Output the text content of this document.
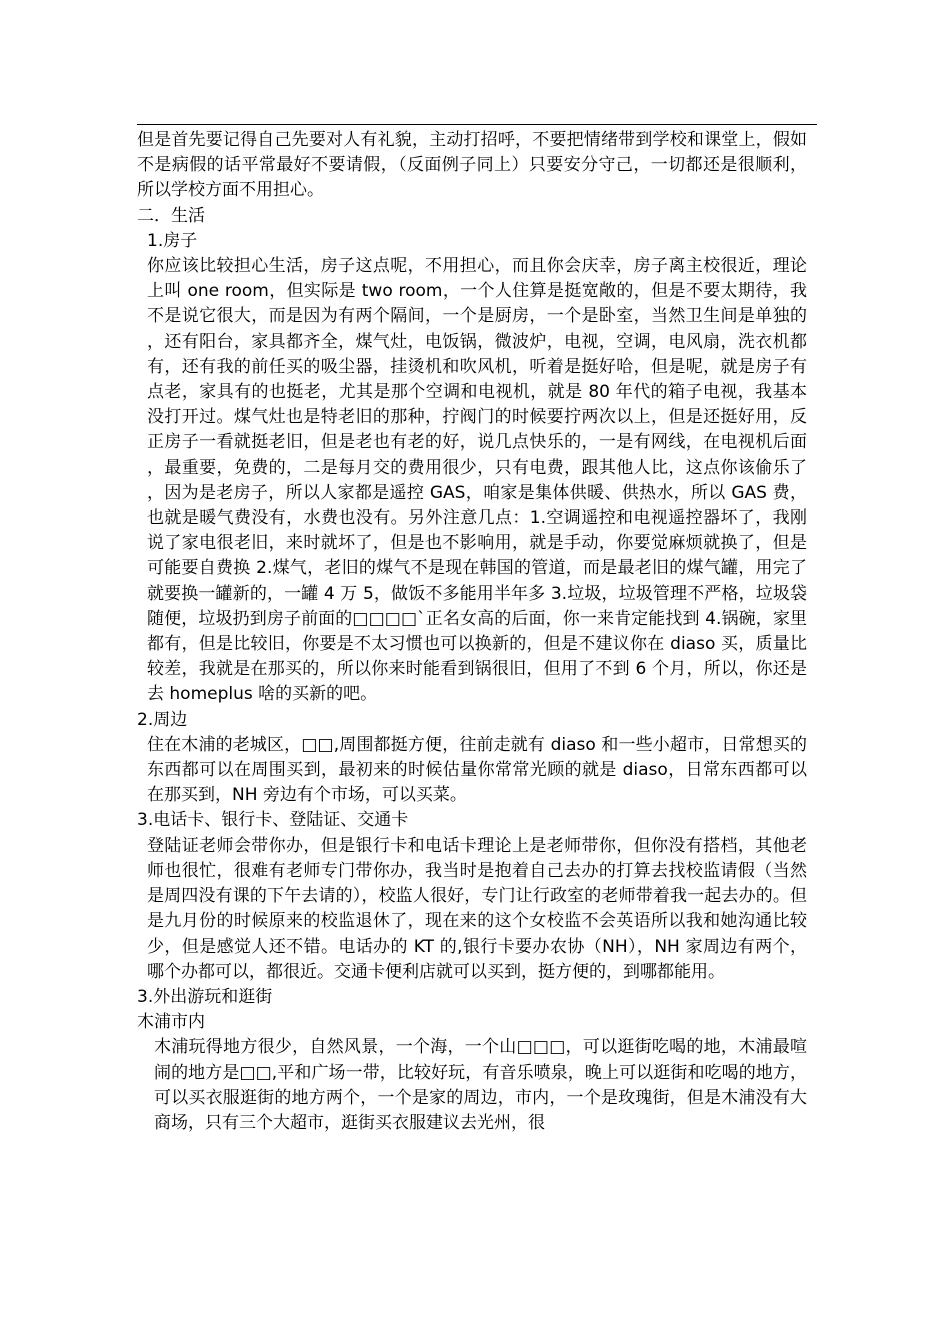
但是首先要记得自己先要对人有礼貌，主动打招呼，不要把情绪带到学校和课堂上，假如不是病假的话平常最好不要请假，（反面例子同上）只要安分守己，一切都还是很顺利，所以学校方面不用担心。

二．生活

1.房子

你应该比较担心生活，房子这点呢，不用担心，而且你会庆幸，房子离主校很近，理论上叫 one room，但实际是 two room，一个人住算是挺宽敞的，但是不要太期待，我不是说它很大，而是因为有两个隔间，一个是厨房，一个是卧室，当然卫生间是单独的，还有阳台，家具都齐全，煤气灶，电饭锅，微波炉，电视，空调，电风扇，洗衣机都有，还有我的前任买的吸尘器，挂烫机和吹风机，听着是挺好哈，但是呢，就是房子有点老，家具有的也挺老，尤其是那个空调和电视机，就是 80 年代的箱子电视，我基本没打开过。煤气灶也是特老旧的那种，拧阀门的时候要拧两次以上，但是还挺好用，反正房子一看就挺老旧，但是老也有老的好，说几点快乐的，一是有网线，在电视机后面，最重要，免费的，二是每月交的费用很少，只有电费，跟其他人比，这点你该偷乐了，因为是老房子，所以人家都是遥控 GAS，咱家是集体供暖、供热水，所以 GAS 费，也就是暖气费没有，水费也没有。另外注意几点：1.空调遥控和电视遥控器坏了，我刚说了家电很老旧，来时就坏了，但是也不影响用，就是手动，你要觉麻烦就换了，但是可能要自费换 2.煤气，老旧的煤气不是现在韩国的管道，而是最老旧的煤气罐，用完了就要换一罐新的，一罐 4 万 5，做饭不多能用半年多 3.垃圾，垃圾管理不严格，垃圾袋随便，垃圾扔到房子前面的□□□□`正名女高的后面，你一来肯定能找到 4.锅碗，家里都有，但是比较旧，你要是不太习惯也可以换新的，但是不建议你在 diaso 买，质量比较差，我就是在那买的，所以你来时能看到锅很旧，但用了不到 6 个月，所以，你还是去 homeplus 啥的买新的吧。

2.周边

住在木浦的老城区，□□,周围都挺方便，往前走就有 diaso 和一些小超市，日常想买的东西都可以在周围买到，最初来的时候估量你常常光顾的就是 diaso，日常东西都可以在那买到，NH 旁边有个市场，可以买菜。

3.电话卡、银行卡、登陆证、交通卡

登陆证老师会带你办，但是银行卡和电话卡理论上是老师带你，但你没有搭档，其他老师也很忙，很难有老师专门带你办，我当时是抱着自己去办的打算去找校监请假（当然是周四没有课的下午去请的），校监人很好，专门让行政室的老师带着我一起去办的。但是九月份的时候原来的校监退休了，现在来的这个女校监不会英语所以我和她沟通比较少，但是感觉人还不错。电话办的 KT 的,银行卡要办农协（NH），NH 家周边有两个，哪个办都可以，都很近。交通卡便利店就可以买到，挺方便的，到哪都能用。

3.外出游玩和逛街

木浦市内

木浦玩得地方很少，自然风景，一个海，一个山□□□，可以逛街吃喝的地，木浦最喧闹的地方是□□,平和广场一带，比较好玩，有音乐喷泉，晚上可以逛街和吃喝的地方，可以买衣服逛街的地方两个，一个是家的周边，市内，一个是玫瑰街，但是木浦没有大商场，只有三个大超市，逛街买衣服建议去光州，很
